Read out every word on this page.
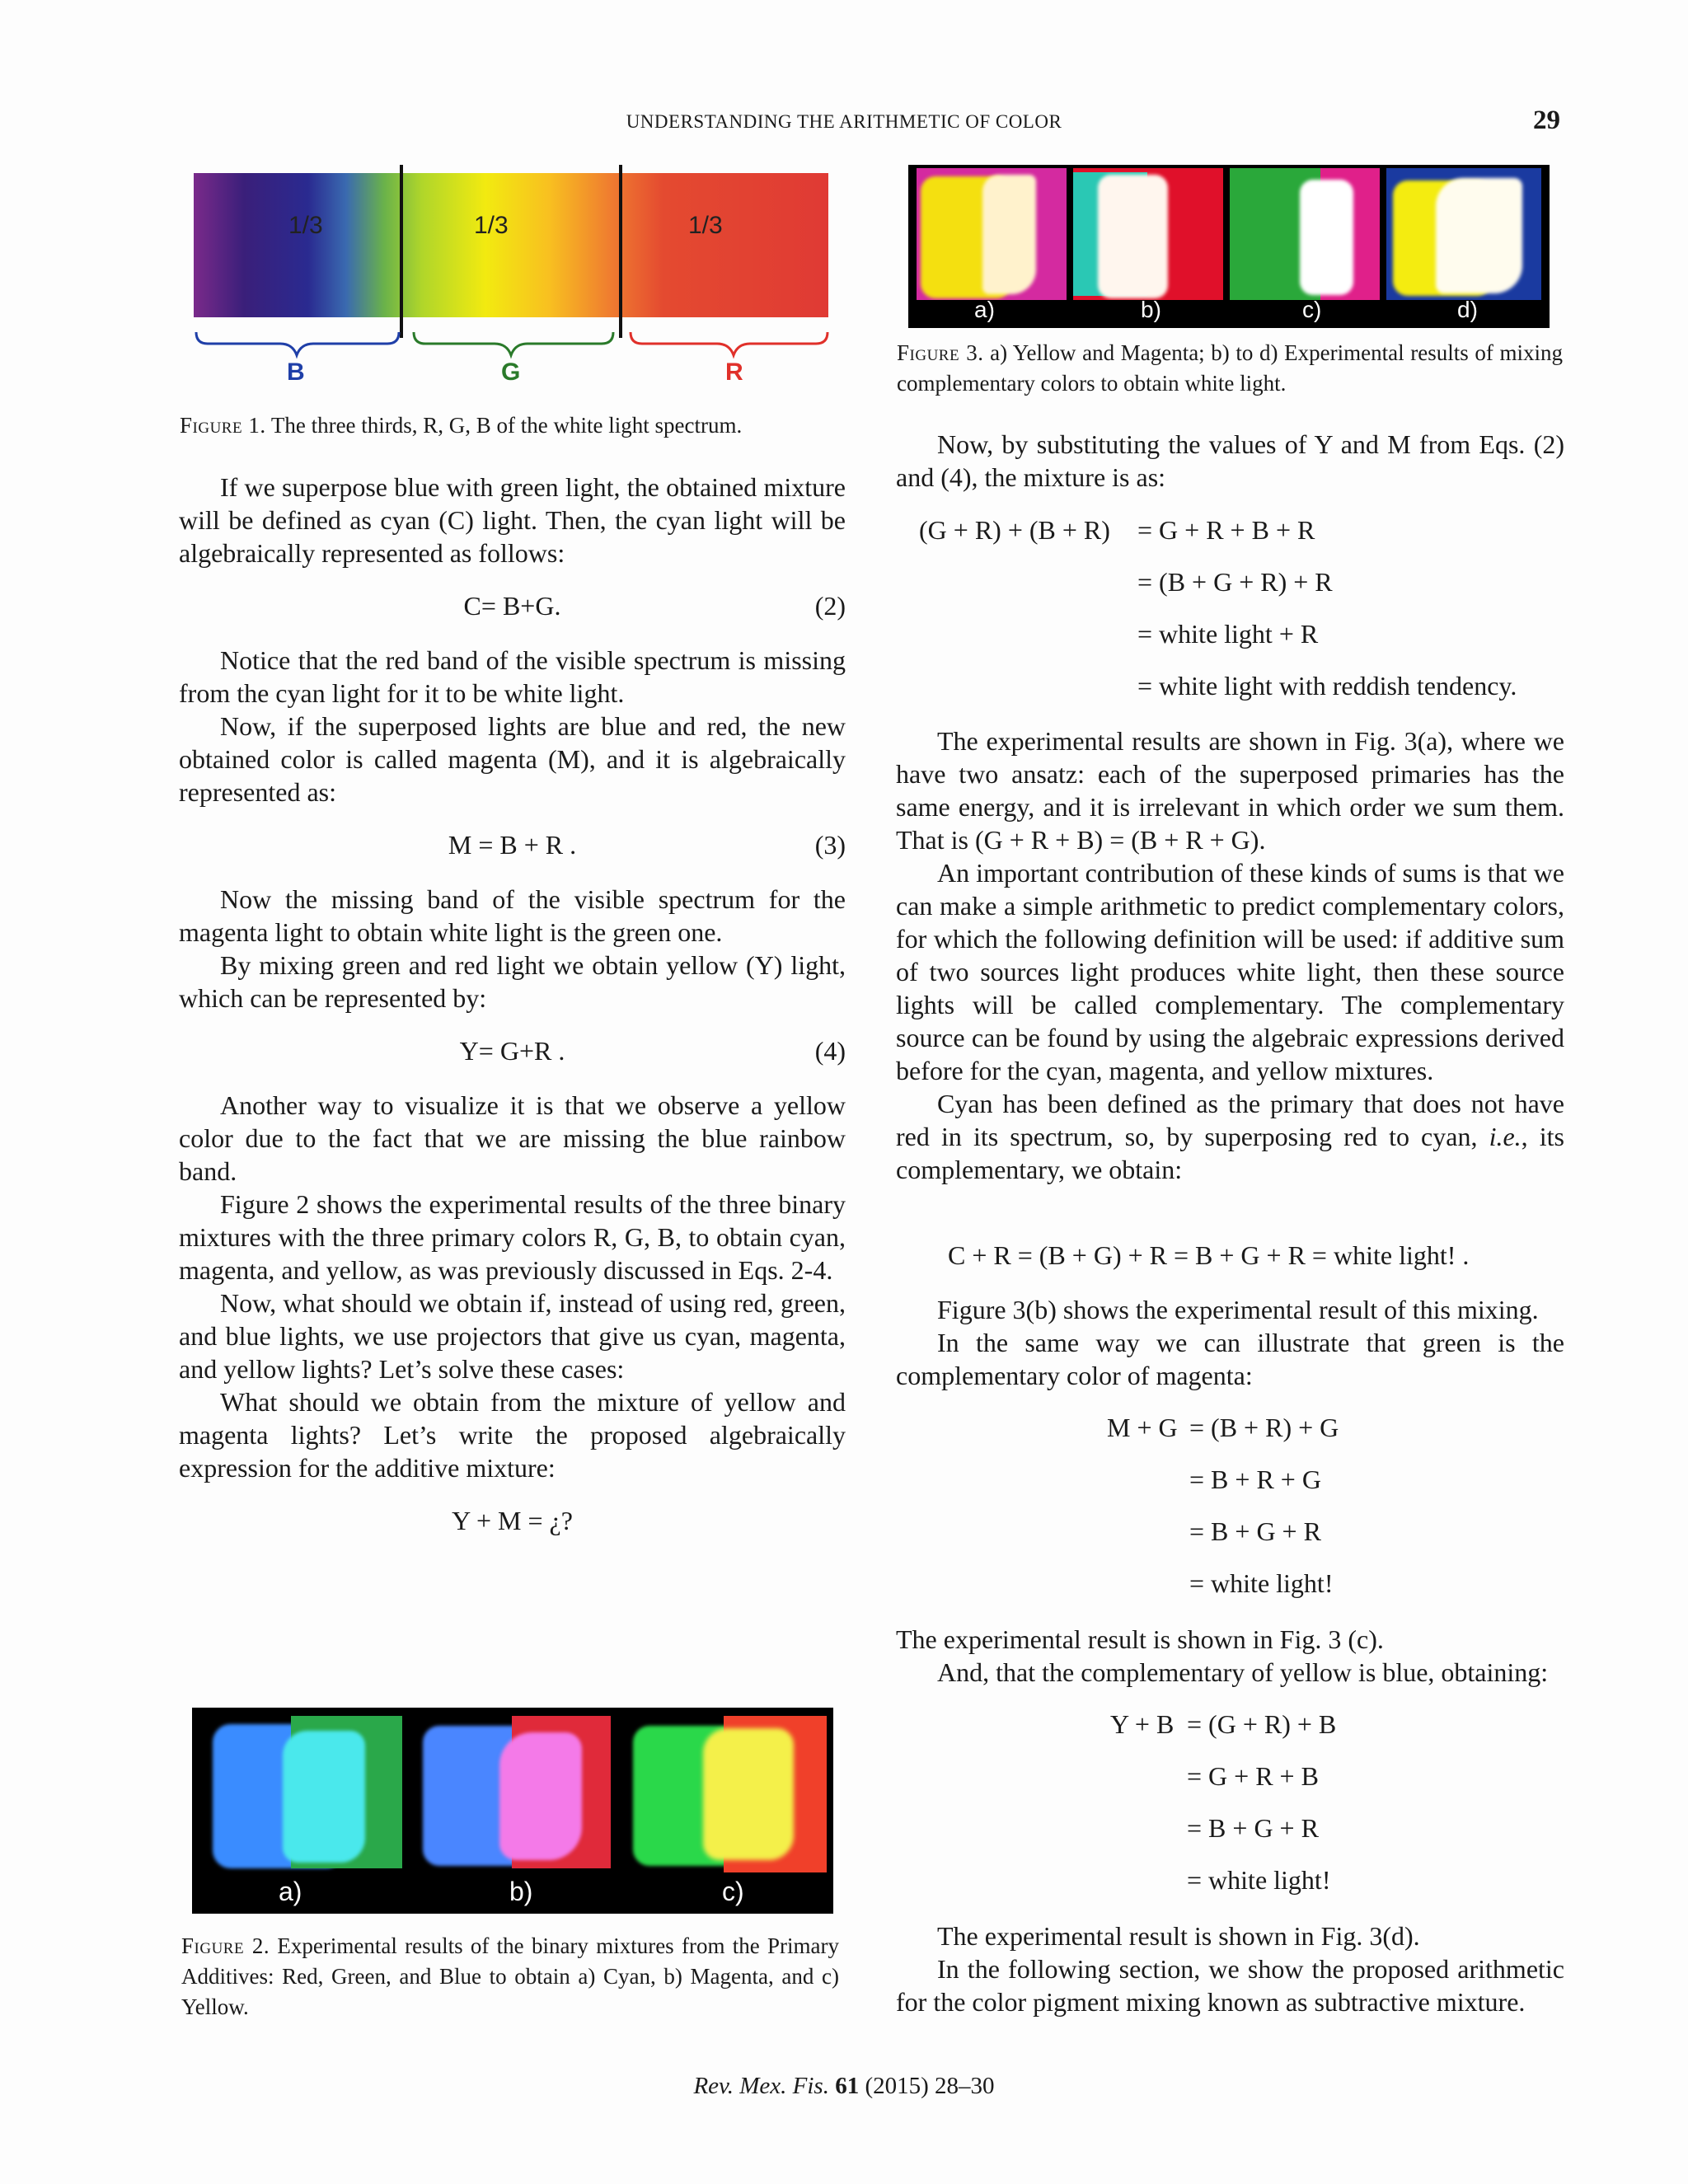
UNDERSTANDING THE ARITHMETIC OF COLOR	29
1/3	1/3	1/3
B	G	R
Figure 1. The three thirds, R, G, B of the white light spectrum.

If we superpose blue with green light, the obtained mixture will be defined as cyan (C) light. Then, the cyan light will be algebraically represented as follows:

C= B+G.	(2)

Notice that the red band of the visible spectrum is missing from the cyan light for it to be white light.

Now, if the superposed lights are blue and red, the new obtained color is called magenta (M), and it is algebraically represented as:

M = B + R .	(3)

Now the missing band of the visible spectrum for the magenta light to obtain white light is the green one.

By mixing green and red light we obtain yellow (Y) light, which can be represented by:

Y= G+R .	(4)

Another way to visualize it is that we observe a yellow color due to the fact that we are missing the blue rainbow band.

Figure 2 shows the experimental results of the three binary mixtures with the three primary colors R, G, B, to obtain cyan, magenta, and yellow, as was previously discussed in Eqs. 2-4.

Now, what should we obtain if, instead of using red, green, and blue lights, we use projectors that give us cyan, magenta, and yellow lights? Let’s solve these cases:

What should we obtain from the mixture of yellow and magenta lights? Let’s write the proposed algebraically expression for the additive mixture:

Y + M = ¿?
a)	b)	c)
Figure 2. Experimental results of the binary mixtures from the Primary Additives: Red, Green, and Blue to obtain a) Cyan, b) Magenta, and c) Yellow.
a)	b)	c)	d)
Figure 3. a) Yellow and Magenta; b) to d) Experimental results of mixing complementary colors to obtain white light.

Now, by substituting the values of Y and M from Eqs. (2) and (4), the mixture is as:

(G + R) + (B + R) = G + R + B + R
= (B + G + R) + R
= white light + R
= white light with reddish tendency.

The experimental results are shown in Fig. 3(a), where we have two ansatz: each of the superposed primaries has the same energy, and it is irrelevant in which order we sum them. That is (G + R + B) = (B + R + G).

An important contribution of these kinds of sums is that we can make a simple arithmetic to predict complementary colors, for which the following definition will be used: if additive sum of two sources light produces white light, then these source lights will be called complementary. The complementary source can be found by using the algebraic expressions derived before for the cyan, magenta, and yellow mixtures.

Cyan has been defined as the primary that does not have red in its spectrum, so, by superposing red to cyan, i.e., its complementary, we obtain:

C + R = (B + G) + R = B + G + R = white light! .

Figure 3(b) shows the experimental result of this mixing.

In the same way we can illustrate that green is the complementary color of magenta:

M + G = (B + R) + G
= B + R + G
= B + G + R
= white light!

The experimental result is shown in Fig. 3 (c).

And, that the complementary of yellow is blue, obtaining:

Y + B = (G + R) + B
= G + R + B
= B + G + R
= white light!

The experimental result is shown in Fig. 3(d).

In the following section, we show the proposed arithmetic for the color pigment mixing known as subtractive mixture.

Rev. Mex. Fis. 61 (2015) 28–30
